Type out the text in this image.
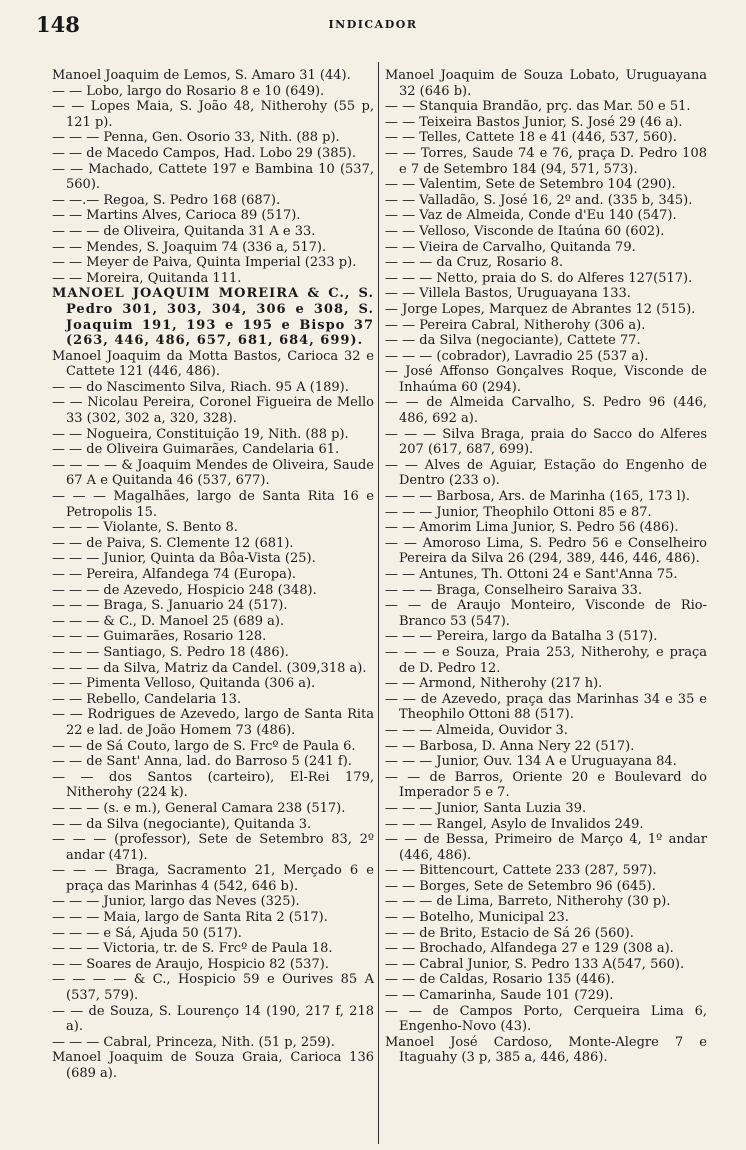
148	INDICADOR

Manoel Joaquim de Lemos, S. Amaro 31 (44).

— — Lobo, largo do Rosario 8 e 10 (649).

— — Lopes Maia, S. João 48, Nitherohy (55 p, 121 p).

— — — Penna, Gen. Osorio 33, Nith. (88 p).

— — de Macedo Campos, Had. Lobo 29 (385).

— — Machado, Cattete 197 e Bambina 10 (537, 560).

— —.— Regoa, S. Pedro 168 (687).

— — Martins Alves, Carioca 89 (517).

— — — de Oliveira, Quitanda 31 A e 33.

— — Mendes, S. Joaquim 74 (336 a, 517).

— — Meyer de Paiva, Quinta Imperial (233 p).

— — Moreira, Quitanda 111.

MANOEL JOAQUIM MOREIRA & C., S. Pedro 301, 303, 304, 306 e 308, S. Joaquim 191, 193 e 195 e Bispo 37 (263, 446, 486, 657, 681, 684, 699).

Manoel Joaquim da Motta Bastos, Carioca 32 e Cattete 121 (446, 486).

— — do Nascimento Silva, Riach. 95 A (189).

— — Nicolau Pereira, Coronel Figueira de Mello 33 (302, 302 a, 320, 328).

— — Nogueira, Constituição 19, Nith. (88 p).

— — de Oliveira Guimarães, Candelaria 61.

— — — — & Joaquim Mendes de Oliveira, Saude 67 A e Quitanda 46 (537, 677).

— — — Magalhães, largo de Santa Rita 16 e Petropolis 15.

— — — Violante, S. Bento 8.

— — de Paiva, S. Clemente 12 (681).

— — — Junior, Quinta da Bôa-Vista (25).

— — Pereira, Alfandega 74 (Europa).

— — — de Azevedo, Hospicio 248 (348).

— — — Braga, S. Januario 24 (517).

— — — & C., D. Manoel 25 (689 a).

— — — Guimarães, Rosario 128.

— — — Santiago, S. Pedro 18 (486).

— — — da Silva, Matriz da Candel. (309,318 a).

— — Pimenta Velloso, Quitanda (306 a).

— — Rebello, Candelaria 13.

— — Rodrigues de Azevedo, largo de Santa Rita 22 e lad. de João Homem 73 (486).

— — de Sá Couto, largo de S. Frcº de Paula 6.

— — de Sant' Anna, lad. do Barroso 5 (241 f).

— — dos Santos (carteiro), El-Rei 179, Nitherohy (224 k).

— — — (s. e m.), General Camara 238 (517).

— — da Silva (negociante), Quitanda 3.

— — — (professor), Sete de Setembro 83, 2º andar (471).

— — — Braga, Sacramento 21, Merçado 6 e praça das Marinhas 4 (542, 646 b).

— — — Junior, largo das Neves (325).

— — — Maia, largo de Santa Rita 2 (517).

— — — e Sá, Ajuda 50 (517).

— — — Victoria, tr. de S. Frcº de Paula 18.

— — Soares de Araujo, Hospicio 82 (537).

— — — — & C., Hospicio 59 e Ourives 85 A (537, 579).

— — de Souza, S. Lourenço 14 (190, 217 f, 218 a).

— — — Cabral, Princeza, Nith. (51 p, 259).

Manoel Joaquim de Souza Graia, Carioca 136 (689 a).

Manoel Joaquim de Souza Lobato, Uruguayana 32 (646 b).

— — Stanquia Brandão, prç. das Mar. 50 e 51.

— — Teixeira Bastos Junior, S. José 29 (46 a).

— — Telles, Cattete 18 e 41 (446, 537, 560).

— — Torres, Saude 74 e 76, praça D. Pedro 108 e 7 de Setembro 184 (94, 571, 573).

— — Valentim, Sete de Setembro 104 (290).

— — Valladão, S. José 16, 2º and. (335 b, 345).

— — Vaz de Almeida, Conde d'Eu 140 (547).

— — Velloso, Visconde de Itaúna 60 (602).

— — Vieira de Carvalho, Quitanda 79.

— — — da Cruz, Rosario 8.

— — — Netto, praia do S. do Alferes 127(517).

— — Villela Bastos, Uruguayana 133.

— Jorge Lopes, Marquez de Abrantes 12 (515).

— — Pereira Cabral, Nitherohy (306 a).

— — da Silva (negociante), Cattete 77.

— — — (cobrador), Lavradio 25 (537 a).

— José Affonso Gonçalves Roque, Visconde de Inhaúma 60 (294).

— — de Almeida Carvalho, S. Pedro 96 (446, 486, 692 a).

— — — Silva Braga, praia do Sacco do Alferes 207 (617, 687, 699).

— — Alves de Aguiar, Estação do Engenho de Dentro (233 o).

— — — Barbosa, Ars. de Marinha (165, 173 l).

— — — Junior, Theophilo Ottoni 85 e 87.

— — Amorim Lima Junior, S. Pedro 56 (486).

— — Amoroso Lima, S. Pedro 56 e Conselheiro Pereira da Silva 26 (294, 389, 446, 446, 486).

— — Antunes, Th. Ottoni 24 e Sant'Anna 75.

— — — Braga, Conselheiro Saraiva 33.

— — de Araujo Monteiro, Visconde de Rio-Branco 53 (547).

— — — Pereira, largo da Batalha 3 (517).

— — — e Souza, Praia 253, Nitherohy, e praça de D. Pedro 12.

— — Armond, Nitherohy (217 h).

— — de Azevedo, praça das Marinhas 34 e 35 e Theophilo Ottoni 88 (517).

— — — Almeida, Ouvidor 3.

— — Barbosa, D. Anna Nery 22 (517).

— — — Junior, Ouv. 134 A e Uruguayana 84.

— — de Barros, Oriente 20 e Boulevard do Imperador 5 e 7.

— — — Junior, Santa Luzia 39.

— — — Rangel, Asylo de Invalidos 249.

— — de Bessa, Primeiro de Março 4, 1º andar (446, 486).

— — Bittencourt, Cattete 233 (287, 597).

— — Borges, Sete de Setembro 96 (645).

— — — de Lima, Barreto, Nitherohy (30 p).

— — Botelho, Municipal 23.

— — de Brito, Estacio de Sá 26 (560).

— — Brochado, Alfandega 27 e 129 (308 a).

— — Cabral Junior, S. Pedro 133 A(547, 560).

— — de Caldas, Rosario 135 (446).

— — Camarinha, Saude 101 (729).

— — de Campos Porto, Cerqueira Lima 6, Engenho-Novo (43).

Manoel José Cardoso, Monte-Alegre 7 e Itaguahy (3 p, 385 a, 446, 486).
